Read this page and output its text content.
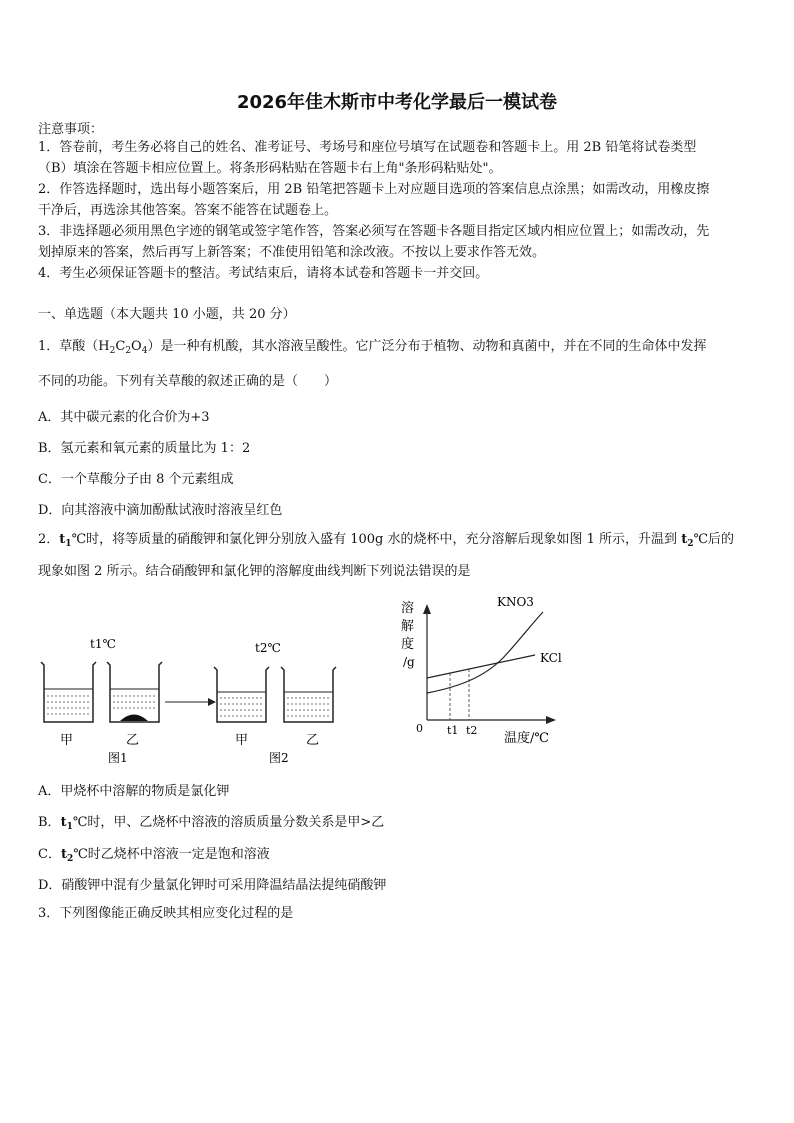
2026年佳木斯市中考化学最后一模试卷
注意事项：
1．答卷前，考生务必将自己的姓名、准考证号、考场号和座位号填写在试题卷和答题卡上。用 2B 铅笔将试卷类型
（B）填涂在答题卡相应位置上。将条形码粘贴在答题卡右上角"条形码粘贴处"。
2．作答选择题时，选出每小题答案后，用 2B 铅笔把答题卡上对应题目选项的答案信息点涂黑；如需改动，用橡皮擦
干净后，再选涂其他答案。答案不能答在试题卷上。
3．非选择题必须用黑色字迹的钢笔或签字笔作答，答案必须写在答题卡各题目指定区域内相应位置上；如需改动，先
划掉原来的答案，然后再写上新答案；不准使用铅笔和涂改液。不按以上要求作答无效。
4．考生必须保证答题卡的整洁。考试结束后，请将本试卷和答题卡一并交回。
一、单选题（本大题共 10 小题，共 20 分）
1．草酸$(H_2C_2O_4)$是一种有机酸，其水溶液呈酸性。它广泛分布于植物、动物和真菌中，并在不同的生命体中发挥
不同的功能。下列有关草酸的叙述正确的是（　　）
A．其中碳元素的化合价为+3
B．氢元素和氧元素的质量比为 1：2
C．一个草酸分子由 8 个元素组成
D．向其溶液中滴加酚酞试液时溶液呈红色
2．$t_1℃$时，将等质量的硝酸钾和氯化钾分别放入盛有 100g 水的烧杯中，充分溶解后现象如图 1 所示，升温到 $t_2℃$后的
现象如图 2 所示。结合硝酸钾和氯化钾的溶解度曲线判断下列说法错误的是
t1℃
甲	乙
图1
t2℃
甲	乙
图2
溶
解
度
/g
0 t1 t2
温度/℃
KNO3
KCl
A．甲烧杯中溶解的物质是氯化钾
B．$t_1℃$时，甲、乙烧杯中溶液的溶质质量分数关系是甲>乙
C．$t_2℃$时乙烧杯中溶液一定是饱和溶液
D．硝酸钾中混有少量氯化钾时可采用降温结晶法提纯硝酸钾
3．下列图像能正确反映其相应变化过程的是
